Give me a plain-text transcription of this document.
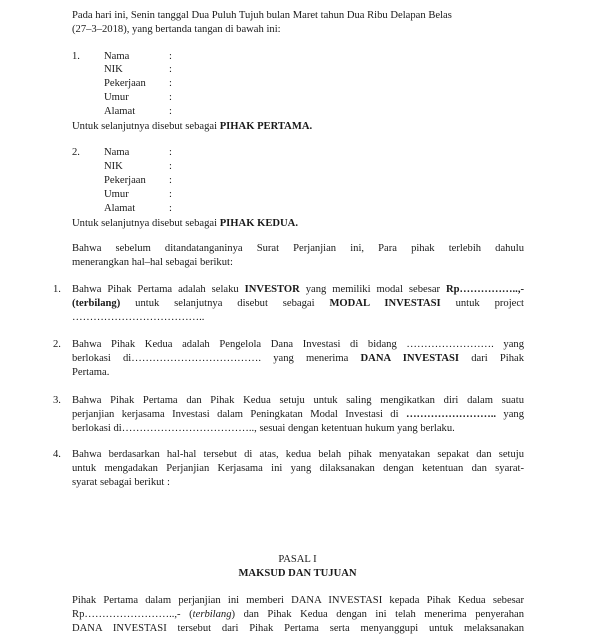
Pada hari ini, Senin tanggal Dua Puluh Tujuh bulan Maret tahun Dua Ribu Delapan Belas
(27–3–2018), yang bertanda tangan di bawah ini:
1. Nama	:
NIK	:
Pekerjaan :
Umur	:
Alamat	:
Untuk selanjutnya disebut sebagai PIHAK PERTAMA.
2. Nama	:
NIK	:
Pekerjaan :
Umur	:
Alamat	:
Untuk selanjutnya disebut sebagai PIHAK KEDUA.
Bahwa sebelum ditandatanganinya Surat Perjanjian ini, Para pihak terlebih dahulu
menerangkan hal–hal sebagai berikut:
1. Bahwa Pihak Pertama adalah selaku INVESTOR yang memiliki modal sebesar Rp……………..,-
(terbilang) untuk selanjutnya disebut sebagai MODAL INVESTASI untuk project
………………………………..
2. Bahwa Pihak Kedua adalah Pengelola Dana Investasi di bidang ……………………. yang
berlokasi di………………………………. yang menerima DANA INVESTASI dari Pihak
Pertama.
3. Bahwa Pihak Pertama dan Pihak Kedua setuju untuk saling mengikatkan diri dalam suatu
perjanjian kerjasama Investasi dalam Peningkatan Modal Investasi di …………………….. yang
berlokasi di……………………………….., sesuai dengan ketentuan hukum yang berlaku.
4. Bahwa berdasarkan hal-hal tersebut di atas, kedua belah pihak menyatakan sepakat dan setuju
untuk mengadakan Perjanjian Kerjasama ini yang dilaksanakan dengan ketentuan dan syarat-
syarat sebagai berikut :
PASAL I
MAKSUD DAN TUJUAN
Pihak Pertama dalam perjanjian ini memberi DANA INVESTASI kepada Pihak Kedua sebesar
Rp……………………..,- (terbilang) dan Pihak Kedua dengan ini telah menerima penyerahan
DANA INVESTASI tersebut dari Pihak Pertama serta menyanggupi untuk melaksanakan
